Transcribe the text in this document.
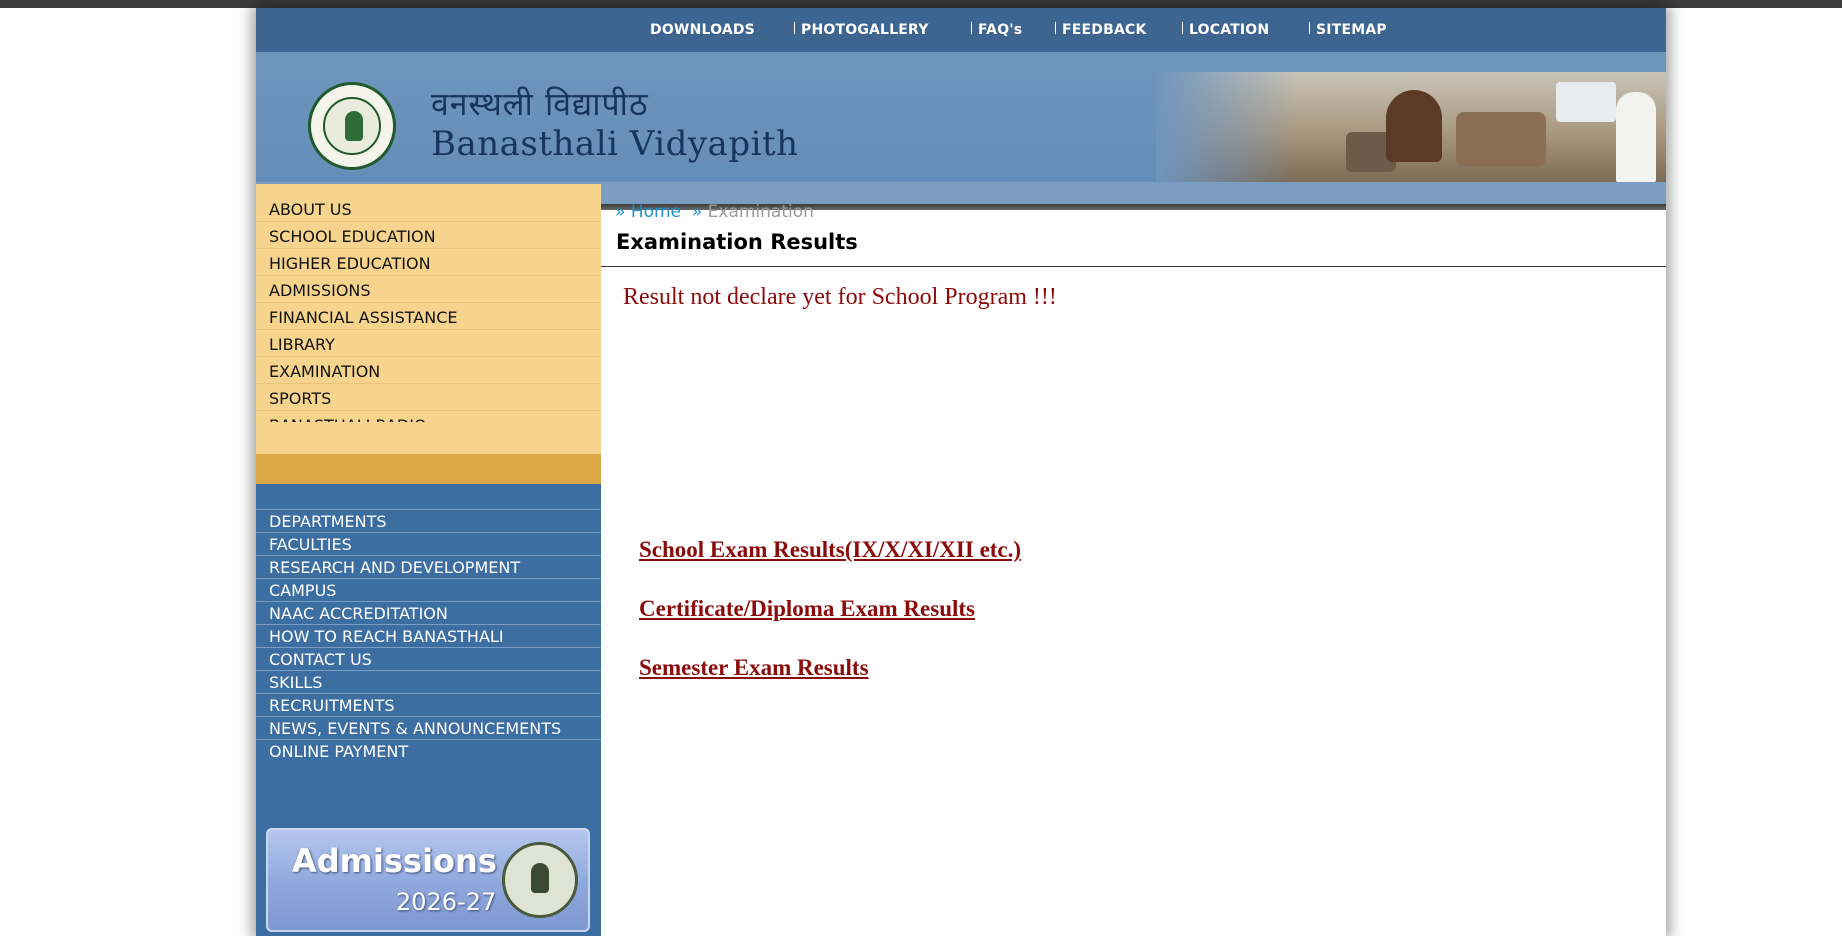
DOWNLOADS	PHOTOGALLERY	FAQ's	FEEDBACK	LOCATION	SITEMAP
वनस्थली विद्यापीठ
Banasthali Vidyapith
ABOUT US
SCHOOL EDUCATION
HIGHER EDUCATION
ADMISSIONS
FINANCIAL ASSISTANCE
LIBRARY
EXAMINATION
SPORTS
DEPARTMENTS
FACULTIES
RESEARCH AND DEVELOPMENT
CAMPUS
NAAC ACCREDITATION
HOW TO REACH BANASTHALI
CONTACT US
SKILLS
RECRUITMENTS
NEWS, EVENTS & ANNOUNCEMENTS
ONLINE PAYMENT
Admissions
2026-27
» Home » Examination
Examination Results
Result not declare yet for School Program !!!
School Exam Results(IX/X/XI/XII etc.)
Certificate/Diploma Exam Results
Semester Exam Results
